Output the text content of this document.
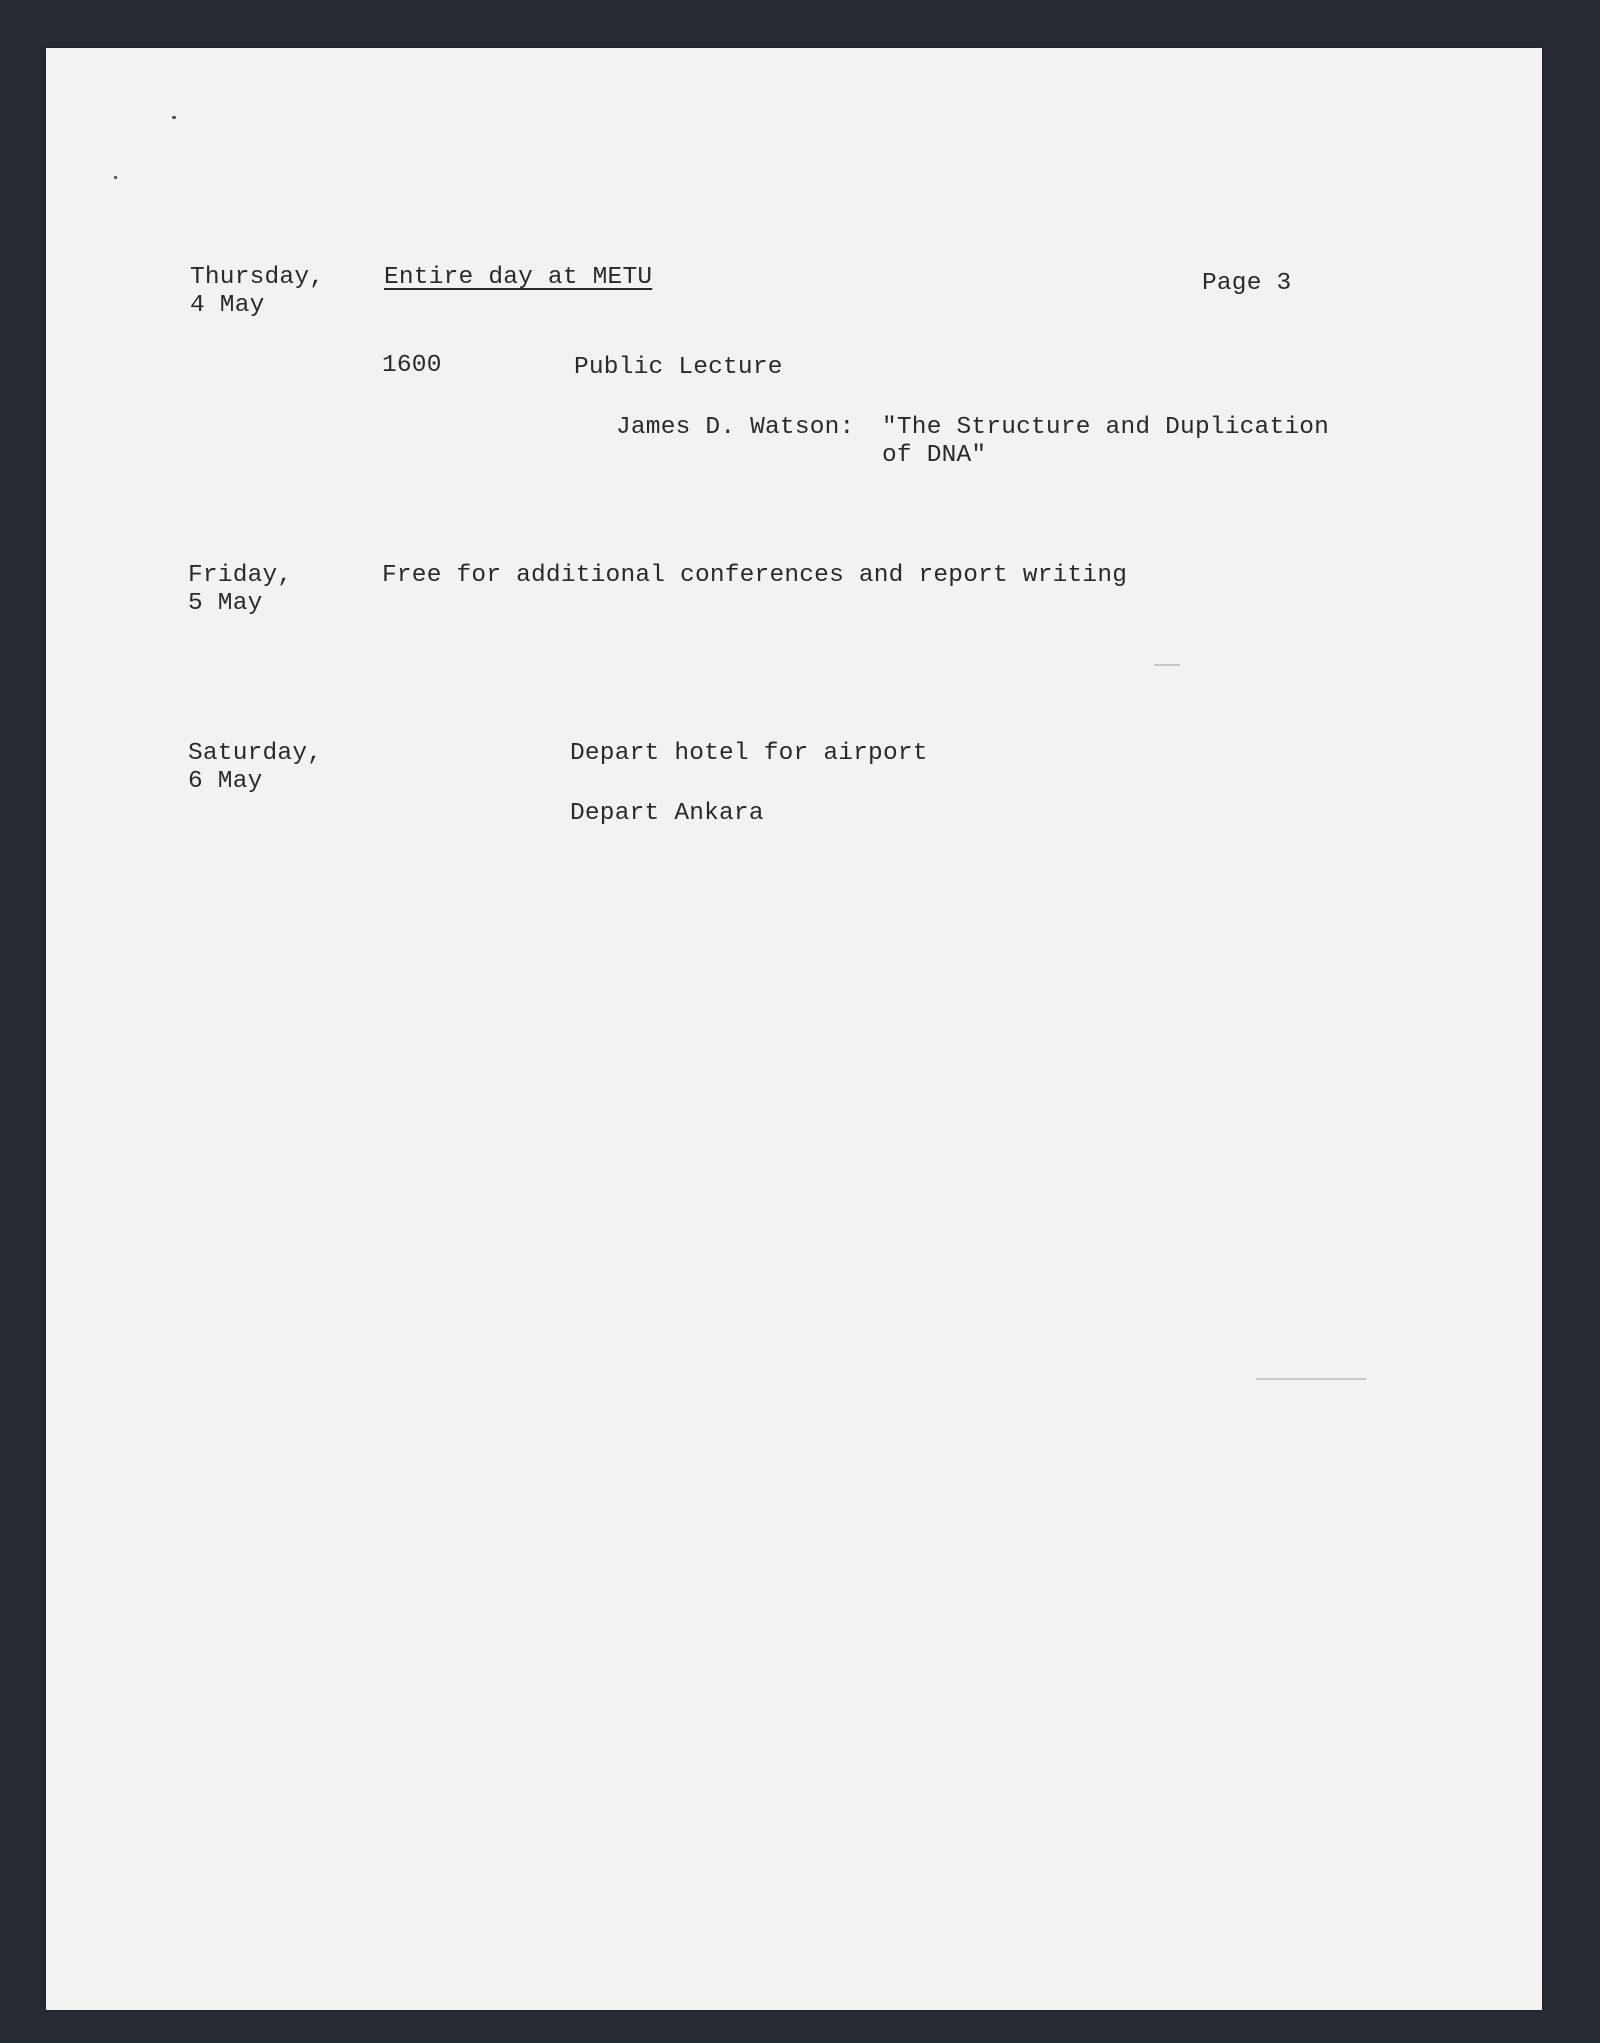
Thursday,
4 May
Entire day at METU	Page 3
1600	Public Lecture
James D. Watson: "The Structure and Duplication
of DNA"
Friday,
5 May
Free for additional conferences and report writing
Saturday,
6 May
Depart hotel for airport
Depart Ankara
